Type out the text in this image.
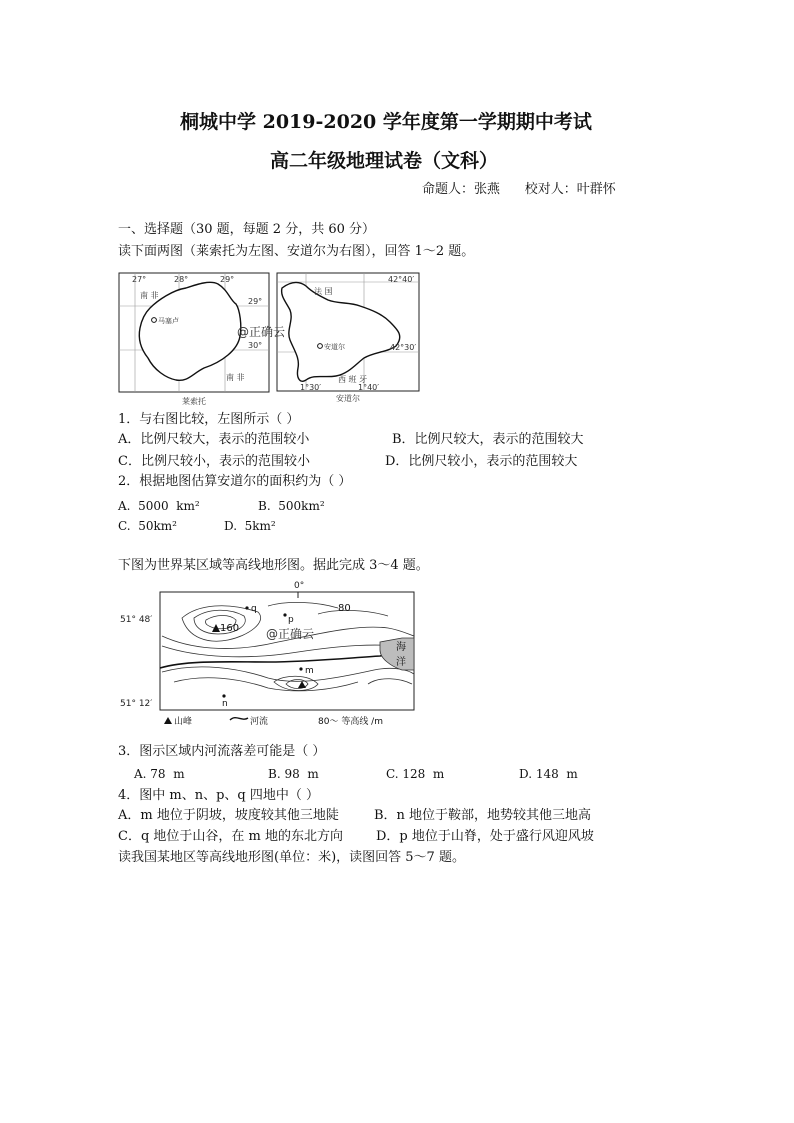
桐城中学 2019-2020 学年度第一学期期中考试
高二年级地理试卷（文科）
命题人：张燕      校对人：叶群怀
一、选择题（30 题，每题 2 分，共 60 分）
读下面两图（莱索托为左图、安道尔为右图），回答 1～2 题。
27°	28°	29°
29°
30°
南 非
南 非
马塞卢
莱索托
42°40′
42°30′
1°30′	1°40′
法 国
西 班 牙
安道尔
安道尔
@正确云
1．与右图比较，左图所示（ ）
A．比例尺较大，表示的范围较小	B．比例尺较大，表示的范围较大
C．比例尺较小，表示的范围较小	D．比例尺较小，表示的范围较大
2．根据地图估算安道尔的面积约为（ ）
A.  5000  km²	B.  500km²
C.  50km²	D.  5km²
下图为世界某区域等高线地形图。据此完成 3～4 题。
0°
51° 48′
51° 12′
海
洋
160
80
q
p
m
n
山峰	河流	80～ 等高线 /m
@正确云
3．图示区域内河流落差可能是（ ）
A. 78  m	B. 98  m	C. 128  m	D. 148  m
4．图中 m、n、p、q 四地中（ ）
A．m 地位于阴坡，坡度较其他三地陡	B．n 地位于鞍部，地势较其他三地高
C．q 地位于山谷，在 m 地的东北方向	D．p 地位于山脊，处于盛行风迎风坡
读我国某地区等高线地形图(单位：米)，读图回答 5～7 题。
